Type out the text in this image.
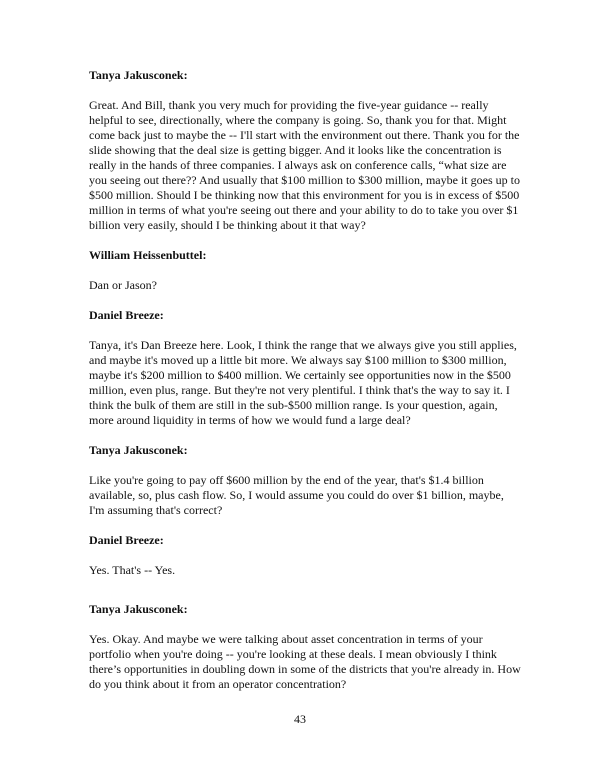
Tanya Jakusconek:

Great. And Bill, thank you very much for providing the five-year guidance -- really helpful to see, directionally, where the company is going. So, thank you for that. Might come back just to maybe the -- I'll start with the environment out there. Thank you for the slide showing that the deal size is getting bigger. And it looks like the concentration is really in the hands of three companies. I always ask on conference calls, “what size are you seeing out there?? And usually that $100 million to $300 million, maybe it goes up to $500 million. Should I be thinking now that this environment for you is in excess of $500 million in terms of what you're seeing out there and your ability to do to take you over $1 billion very easily, should I be thinking about it that way?

William Heissenbuttel:

Dan or Jason?

Daniel Breeze:

Tanya, it's Dan Breeze here. Look, I think the range that we always give you still applies, and maybe it's moved up a little bit more. We always say $100 million to $300 million, maybe it's $200 million to $400 million. We certainly see opportunities now in the $500 million, even plus, range. But they're not very plentiful. I think that's the way to say it. I think the bulk of them are still in the sub-$500 million range. Is your question, again, more around liquidity in terms of how we would fund a large deal?

Tanya Jakusconek:

Like you're going to pay off $600 million by the end of the year, that's $1.4 billion available, so, plus cash flow. So, I would assume you could do over $1 billion, maybe, I'm assuming that's correct?

Daniel Breeze:

Yes. That's -- Yes.

Tanya Jakusconek:

Yes. Okay. And maybe we were talking about asset concentration in terms of your portfolio when you're doing -- you're looking at these deals. I mean obviously I think there’s opportunities in doubling down in some of the districts that you're already in. How do you think about it from an operator concentration?

43
